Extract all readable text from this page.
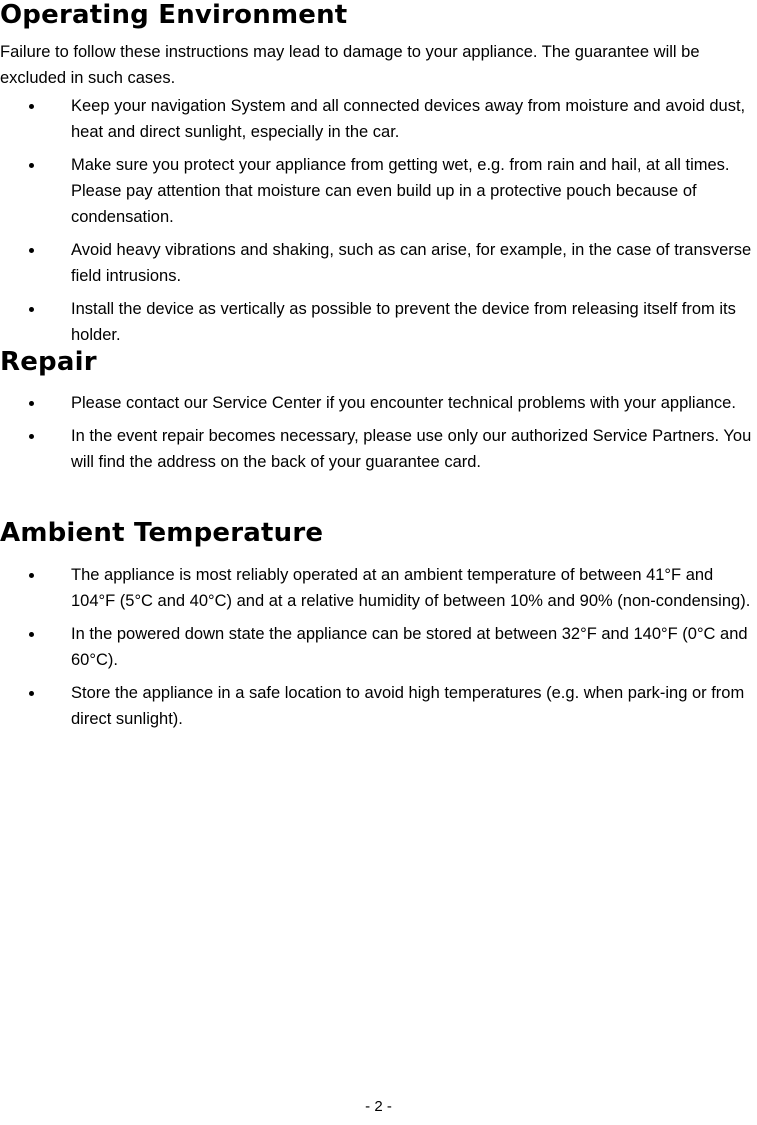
Operating Environment

Failure to follow these instructions may lead to damage to your appliance. The guarantee will be excluded in such cases.

Keep your navigation System and all connected devices away from moisture and avoid dust, heat and direct sunlight, especially in the car.
Make sure you protect your appliance from getting wet, e.g. from rain and hail, at all times. Please pay attention that moisture can even build up in a protective pouch because of condensation.
Avoid heavy vibrations and shaking, such as can arise, for example, in the case of transverse field intrusions.
Install the device as vertically as possible to prevent the device from releasing itself from its holder.
Repair
Please contact our Service Center if you encounter technical problems with your appliance.
In the event repair becomes necessary, please use only our authorized Service Partners. You will find the address on the back of your guarantee card.
Ambient Temperature
The appliance is most reliably operated at an ambient temperature of between 41°F and 104°F (5°C and 40°C) and at a relative humidity of between 10% and 90% (non-condensing).
In the powered down state the appliance can be stored at between 32°F and 140°F (0°C and 60°C).
Store the appliance in a safe location to avoid high temperatures (e.g. when park-ing or from direct sunlight).
- 2 -
